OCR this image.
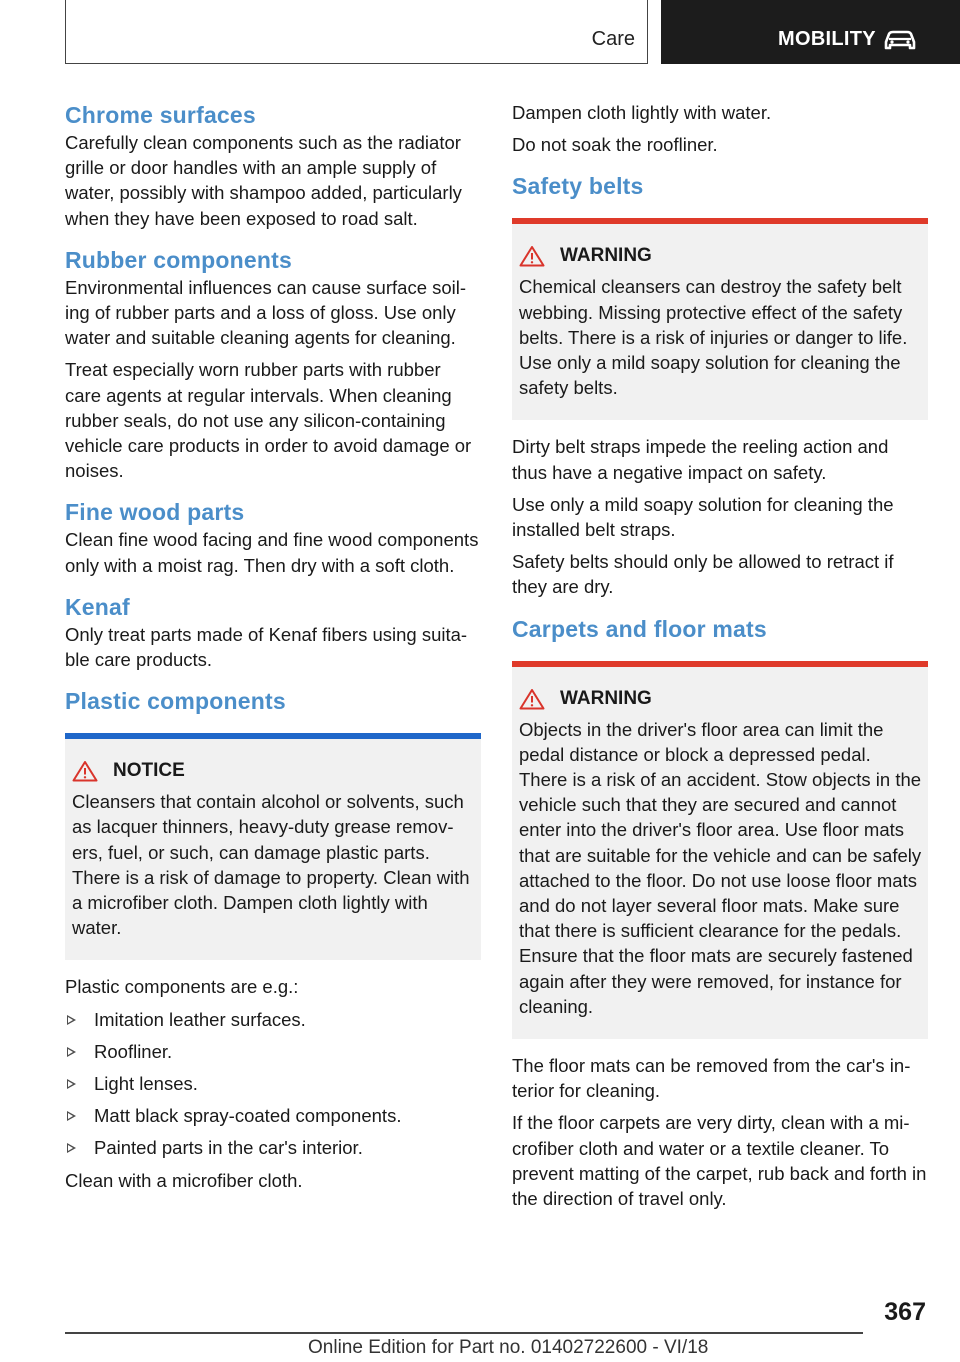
Care	MOBILITY
Chrome surfaces

Carefully clean components such as the radiator grille or door handles with an ample supply of water, possibly with shampoo added, particularly when they have been exposed to road salt.

Rubber components

Environmental influences can cause surface soiling of rubber parts and a loss of gloss. Use only water and suitable cleaning agents for cleaning.

Treat especially worn rubber parts with rubber care agents at regular intervals. When cleaning rubber seals, do not use any silicon-containing vehicle care products in order to avoid damage or noises.

Fine wood parts

Clean fine wood facing and fine wood components only with a moist rag. Then dry with a soft cloth.

Kenaf

Only treat parts made of Kenaf fibers using suitable care products.

Plastic components
NOTICE

Cleansers that contain alcohol or solvents, such as lacquer thinners, heavy-duty grease removers, fuel, or such, can damage plastic parts. There is a risk of damage to property. Clean with a microfiber cloth. Dampen cloth lightly with water.

Plastic components are e.g.:

Imitation leather surfaces.
Roofliner.
Light lenses.
Matt black spray-coated components.
Painted parts in the car's interior.

Clean with a microfiber cloth.

Dampen cloth lightly with water.

Do not soak the roofliner.

Safety belts
WARNING

Chemical cleansers can destroy the safety belt webbing. Missing protective effect of the safety belts. There is a risk of injuries or danger to life. Use only a mild soapy solution for cleaning the safety belts.

Dirty belt straps impede the reeling action and thus have a negative impact on safety.

Use only a mild soapy solution for cleaning the installed belt straps.

Safety belts should only be allowed to retract if they are dry.

Carpets and floor mats
WARNING

Objects in the driver's floor area can limit the pedal distance or block a depressed pedal. There is a risk of an accident. Stow objects in the vehicle such that they are secured and cannot enter into the driver's floor area. Use floor mats that are suitable for the vehicle and can be safely attached to the floor. Do not use loose floor mats and do not layer several floor mats. Make sure that there is sufficient clearance for the pedals. Ensure that the floor mats are securely fastened again after they were removed, for instance for cleaning.

The floor mats can be removed from the car's interior for cleaning.

If the floor carpets are very dirty, clean with a microfiber cloth and water or a textile cleaner. To prevent matting of the carpet, rub back and forth in the direction of travel only.

367
Online Edition for Part no. 01402722600 - VI/18
